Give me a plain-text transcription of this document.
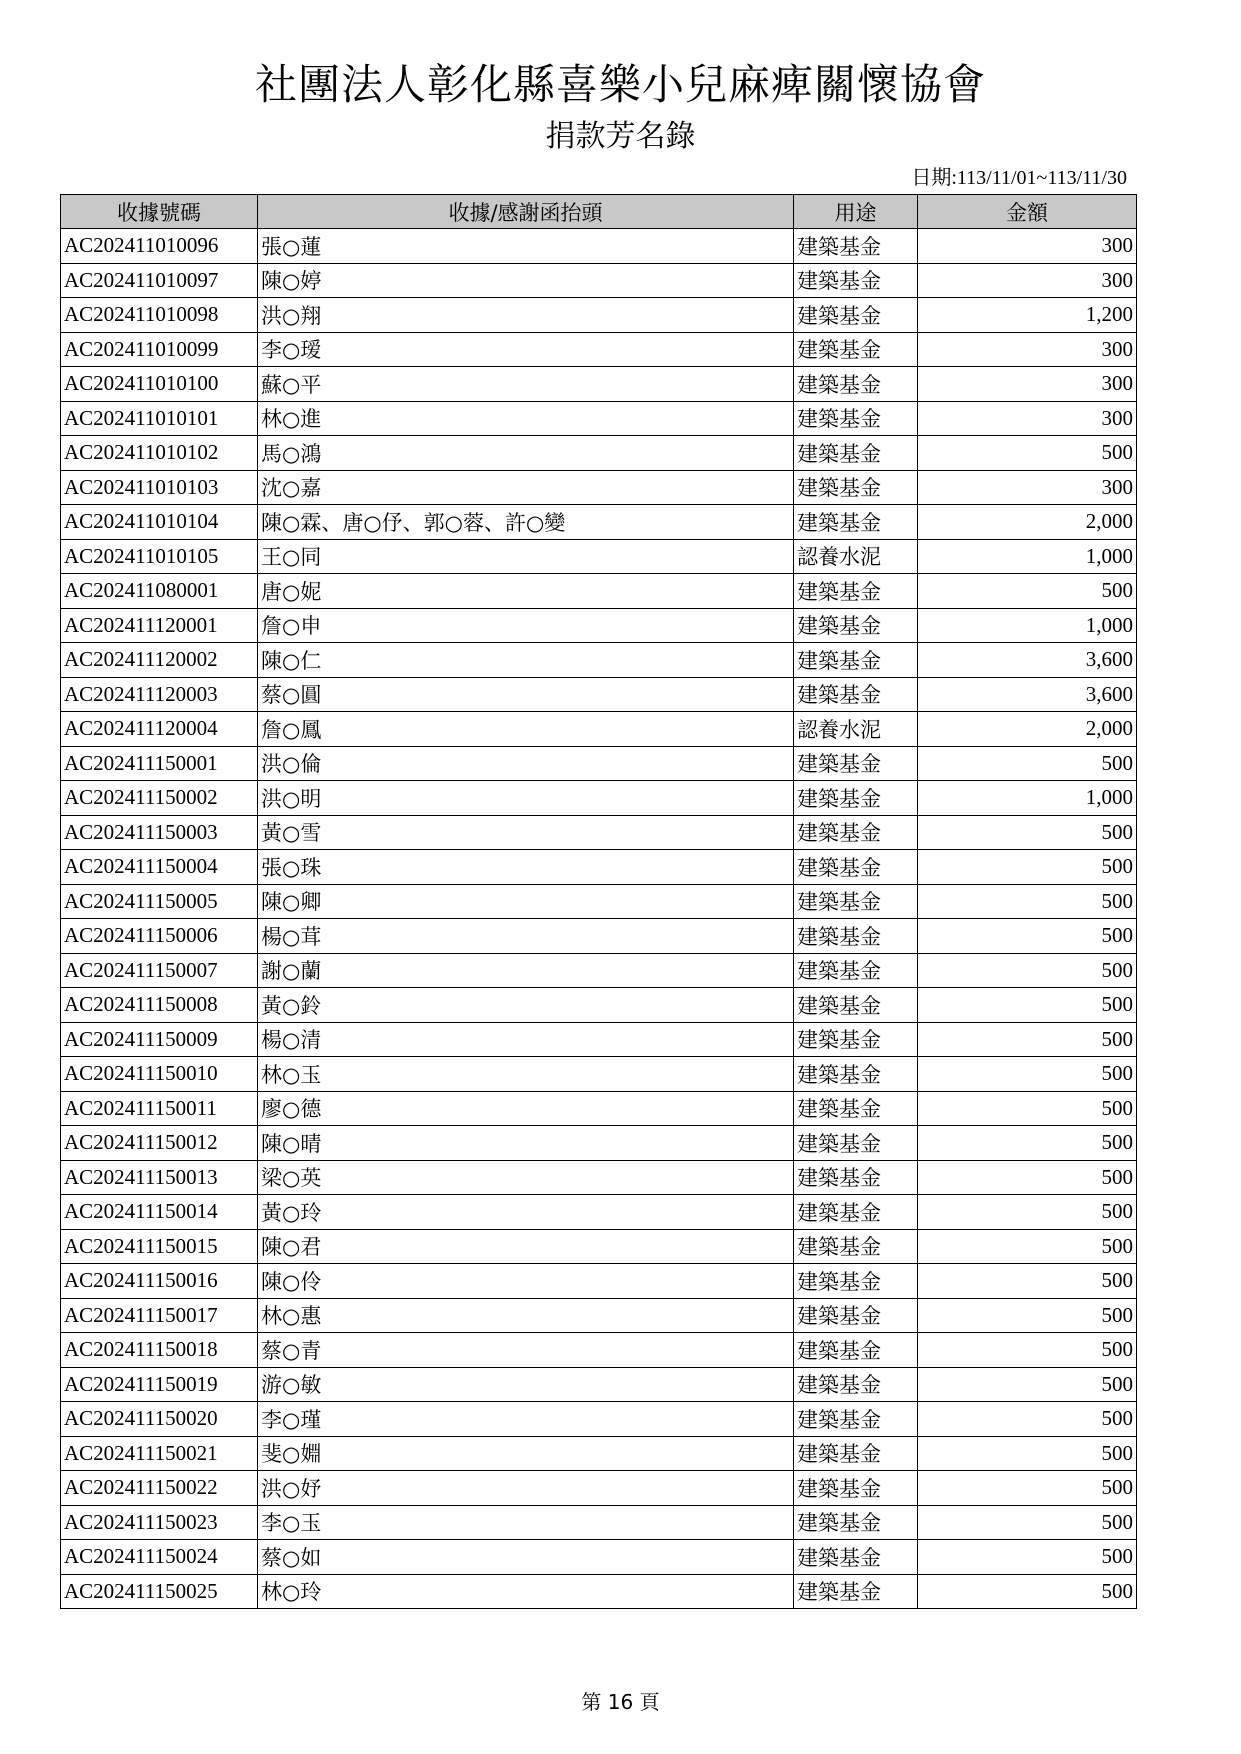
社團法人彰化縣喜樂小兒麻痺關懷協會
捐款芳名錄
日期:113/11/01~113/11/30
收據號碼	收據/感謝函抬頭	用途	金額
AC202411010096	張○蓮	建築基金	300
AC202411010097	陳○婷	建築基金	300
AC202411010098	洪○翔	建築基金	1,200
AC202411010099	李○瑷	建築基金	300
AC202411010100	蘇○平	建築基金	300
AC202411010101	林○進	建築基金	300
AC202411010102	馬○鴻	建築基金	500
AC202411010103	沈○嘉	建築基金	300
AC202411010104	陳○霖、唐○伃、郭○蓉、許○變	建築基金	2,000
AC202411010105	王○同	認養水泥	1,000
AC202411080001	唐○妮	建築基金	500
AC202411120001	詹○申	建築基金	1,000
AC202411120002	陳○仁	建築基金	3,600
AC202411120003	蔡○圓	建築基金	3,600
AC202411120004	詹○鳳	認養水泥	2,000
AC202411150001	洪○倫	建築基金	500
AC202411150002	洪○明	建築基金	1,000
AC202411150003	黃○雪	建築基金	500
AC202411150004	張○珠	建築基金	500
AC202411150005	陳○卿	建築基金	500
AC202411150006	楊○茸	建築基金	500
AC202411150007	謝○蘭	建築基金	500
AC202411150008	黃○鈴	建築基金	500
AC202411150009	楊○清	建築基金	500
AC202411150010	林○玉	建築基金	500
AC202411150011	廖○德	建築基金	500
AC202411150012	陳○晴	建築基金	500
AC202411150013	梁○英	建築基金	500
AC202411150014	黃○玲	建築基金	500
AC202411150015	陳○君	建築基金	500
AC202411150016	陳○伶	建築基金	500
AC202411150017	林○惠	建築基金	500
AC202411150018	蔡○青	建築基金	500
AC202411150019	游○敏	建築基金	500
AC202411150020	李○瑾	建築基金	500
AC202411150021	斐○婣	建築基金	500
AC202411150022	洪○妤	建築基金	500
AC202411150023	李○玉	建築基金	500
AC202411150024	蔡○如	建築基金	500
AC202411150025	林○玲	建築基金	500
第 16 頁
